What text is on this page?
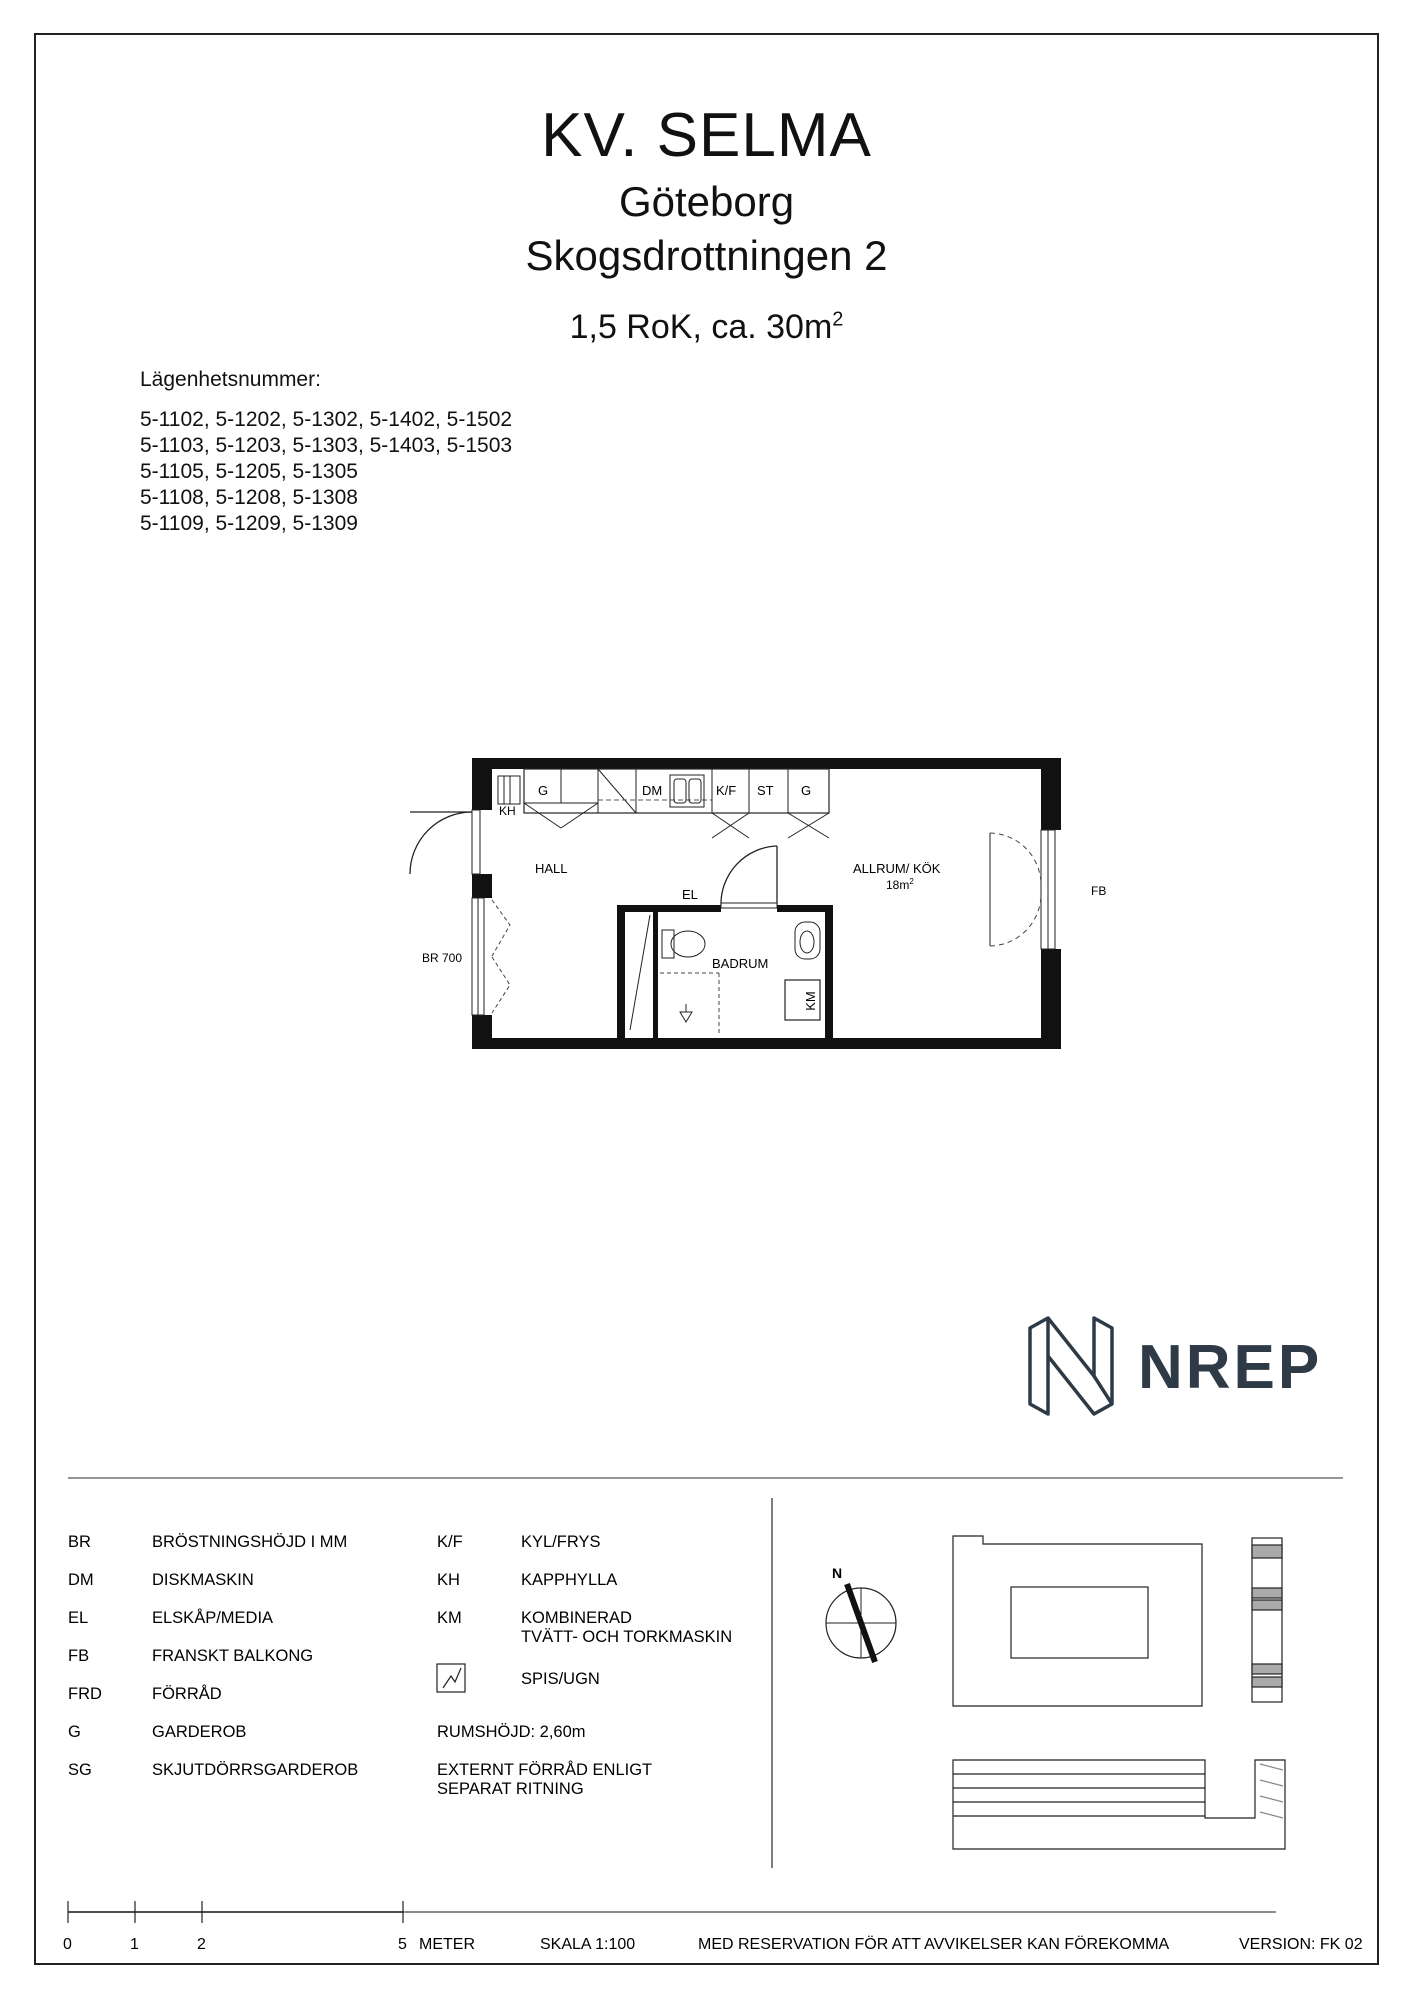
KV. SELMA
Göteborg
Skogsdrottningen 2
1,5 RoK, ca. $30m^2$
Lägenhetsnummer:
5-1102, 5-1202, 5-1302, 5-1402, 5-1502
5-1103, 5-1203, 5-1303, 5-1403, 5-1503
5-1105, 5-1205, 5-1305
5-1108, 5-1208, 5-1308
5-1109, 5-1209, 5-1309
KH
G	DM	K/F ST G
HALL	ALLRUM/ KÖK
$18m^2$
EL
BADRUM
KM
FB
BR 700
NREP
BR	BRÖSTNINGSHÖJD I MM
DM	DISKMASKIN
EL	ELSKÅP/MEDIA
FB	FRANSKT BALKONG
FRD	FÖRRÅD
G	GARDEROB
SG	SKJUTDÖRRSGARDEROB
K/F	KYL/FRYS
KH	KAPPHYLLA
KM	KOMBINERAD
TVÄTT- OCH TORKMASKIN
SPIS/UGN
RUMSHÖJD: 2,60m
EXTERNT FÖRRÅD ENLIGT
SEPARAT RITNING
N
0	1	2	5 METER	SKALA 1:100	MED RESERVATION FÖR ATT AVVIKELSER KAN FÖREKOMMA	VERSION: FK 02
